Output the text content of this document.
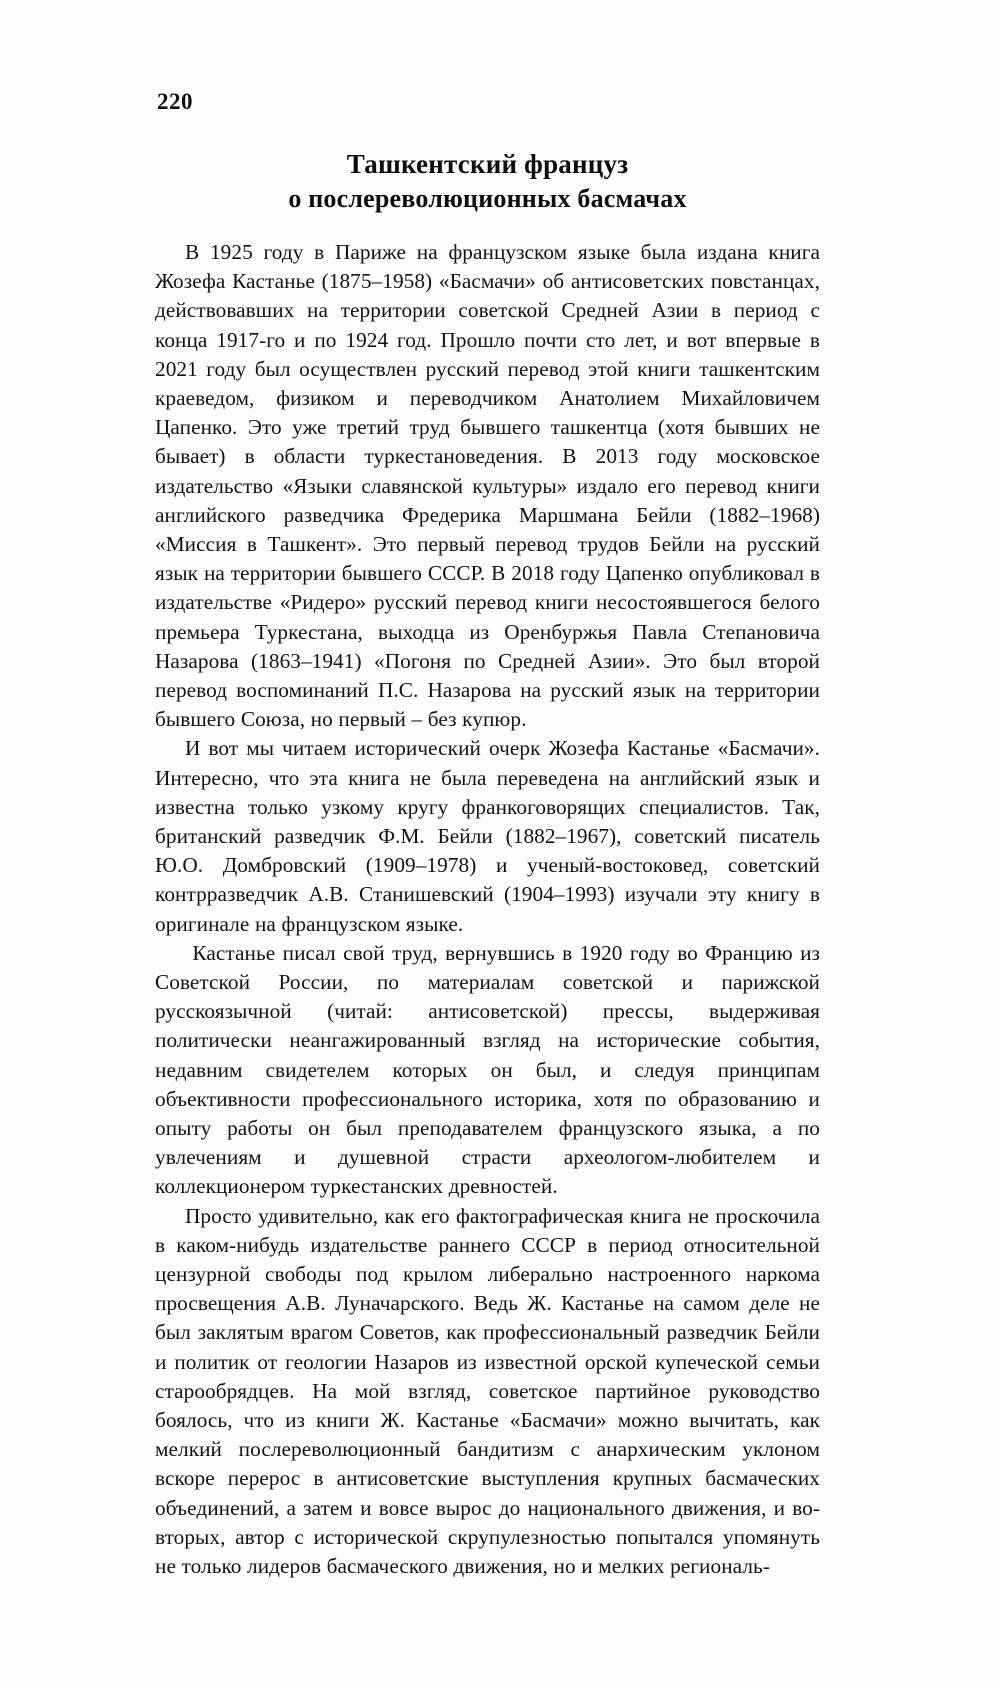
220
Ташкентский француз
о послереволюционных басмачах

В 1925 году в Париже на французском языке была издана книга Жозефа Кастанье (1875–1958) «Басмачи» об антисоветских повстанцах, действовавших на территории советской Средней Азии в период с конца 1917-го и по 1924 год. Прошло почти сто лет, и вот впервые в 2021 году был осуществлен русский перевод этой книги ташкентским краеведом, физиком и переводчиком Анатолием Михайловичем Цапенко. Это уже третий труд бывшего ташкентца (хотя бывших не бывает) в области туркестановедения. В 2013 году московское издательство «Языки славянской культуры» издало его перевод книги английского разведчика Фредерика Маршмана Бейли (1882–1968) «Миссия в Ташкент». Это первый перевод трудов Бейли на русский язык на территории бывшего СССР. В 2018 году Цапенко опубликовал в издательстве «Ридеро» русский перевод книги несостоявшегося белого премьера Туркестана, выходца из Оренбуржья Павла Степановича Назарова (1863–1941) «Погоня по Средней Азии». Это был второй перевод воспоминаний П.С. Назарова на русский язык на территории бывшего Союза, но первый – без купюр.

И вот мы читаем исторический очерк Жозефа Кастанье «Басмачи». Интересно, что эта книга не была переведена на английский язык и известна только узкому кругу франкоговорящих специалистов. Так, британский разведчик Ф.М. Бейли (1882–1967), советский писатель Ю.О. Домбровский (1909–1978) и ученый-востоковед, советский контрразведчик А.В. Станишевский (1904–1993) изучали эту книгу в оригинале на французском языке.

Кастанье писал свой труд, вернувшись в 1920 году во Францию из Советской России, по материалам советской и парижской русскоязычной (читай: антисоветской) прессы, выдерживая политически неангажированный взгляд на исторические события, недавним свидетелем которых он был, и следуя принципам объективности профессионального историка, хотя по образованию и опыту работы он был преподавателем французского языка, а по увлечениям и душевной страсти археологом-любителем и коллекционером туркестанских древностей.

Просто удивительно, как его фактографическая книга не проскочила в каком-нибудь издательстве раннего СССР в период относительной цензурной свободы под крылом либерально настроенного наркома просвещения А.В. Луначарского. Ведь Ж. Кастанье на самом деле не был заклятым врагом Советов, как профессиональный разведчик Бейли и политик от геологии Назаров из известной орской купеческой семьи старообрядцев. На мой взгляд, советское партийное руководство боялось, что из книги Ж. Кастанье «Басмачи» можно вычитать, как мелкий послереволюционный бандитизм с анархическим уклоном вскоре перерос в антисоветские выступления крупных басмаческих объединений, а затем и вовсе вырос до национального движения, и во-вторых, автор с исторической скрупулезностью попытался упомянуть не только лидеров басмаческого движения, но и мелких региональ-
